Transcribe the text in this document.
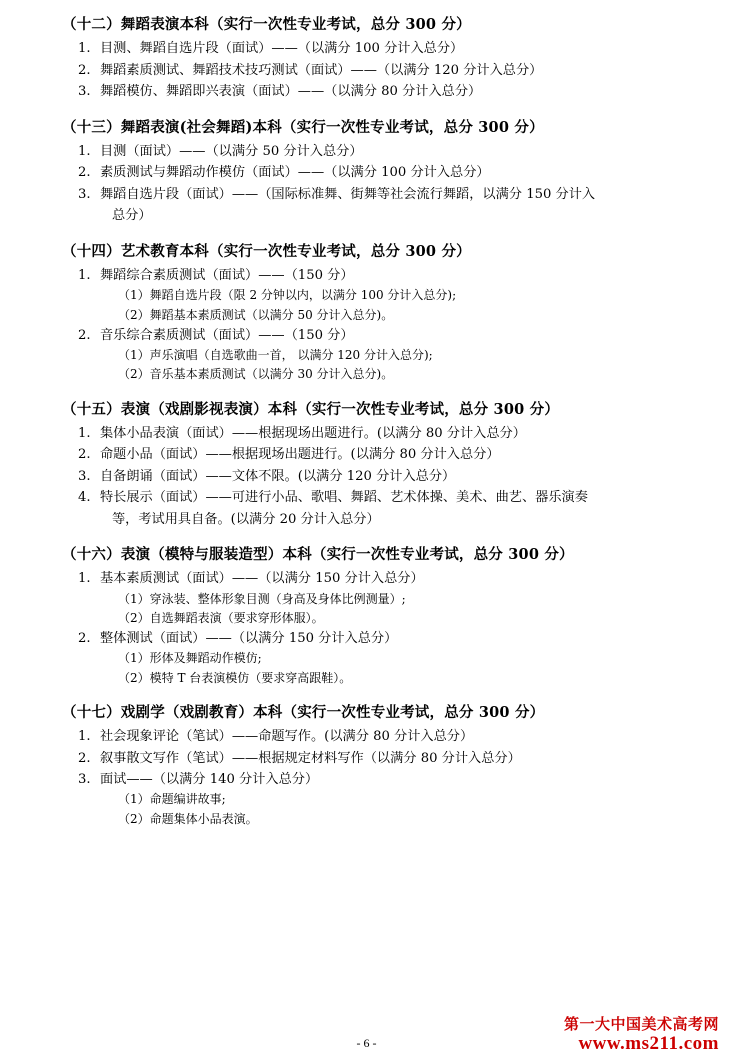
（十二）舞蹈表演本科（实行一次性专业考试，总分 300 分）
1. 目测、舞蹈自选片段（面试）——（以满分 100 分计入总分）
2. 舞蹈素质测试、舞蹈技术技巧测试（面试）——（以满分 120 分计入总分）
3. 舞蹈模仿、舞蹈即兴表演（面试）——（以满分 80 分计入总分）
（十三）舞蹈表演(社会舞蹈)本科（实行一次性专业考试，总分 300 分）
1. 目测（面试）——（以满分 50 分计入总分）
2. 素质测试与舞蹈动作模仿（面试）——（以满分 100 分计入总分）
3. 舞蹈自选片段（面试）——（国际标准舞、街舞等社会流行舞蹈，以满分 150 分计入
总分）
（十四）艺术教育本科（实行一次性专业考试，总分 300 分）
1. 舞蹈综合素质测试（面试）——（150 分）
（1）舞蹈自选片段（限 2 分钟以内，以满分 100 分计入总分);
（2）舞蹈基本素质测试（以满分 50 分计入总分)。
2. 音乐综合素质测试（面试）——（150 分）
（1）声乐演唱（自选歌曲一首， 以满分 120 分计入总分);
（2）音乐基本素质测试（以满分 30 分计入总分)。
（十五）表演（戏剧影视表演）本科（实行一次性专业考试，总分 300 分）
1. 集体小品表演（面试）——根据现场出题进行。(以满分 80 分计入总分）
2. 命题小品（面试）——根据现场出题进行。(以满分 80 分计入总分）
3. 自备朗诵（面试）——文体不限。(以满分 120 分计入总分）
4. 特长展示（面试）——可进行小品、歌唱、舞蹈、艺术体操、美术、曲艺、器乐演奏
等，考试用具自备。(以满分 20 分计入总分）
（十六）表演（模特与服装造型）本科（实行一次性专业考试，总分 300 分）
1. 基本素质测试（面试）——（以满分 150 分计入总分）
（1）穿泳装、整体形象目测（身高及身体比例测量）;
（2）自选舞蹈表演（要求穿形体服）。
2. 整体测试（面试）——（以满分 150 分计入总分）
（1）形体及舞蹈动作模仿;
（2）模特 T 台表演模仿（要求穿高跟鞋）。
（十七）戏剧学（戏剧教育）本科（实行一次性专业考试，总分 300 分）
1. 社会现象评论（笔试）——命题写作。(以满分 80 分计入总分）
2. 叙事散文写作（笔试）——根据规定材料写作（以满分 80 分计入总分）
3. 面试——（以满分 140 分计入总分）
（1）命题编讲故事;
（2）命题集体小品表演。
- 6 -
第一大中国美术高考网
www.ms211.com
